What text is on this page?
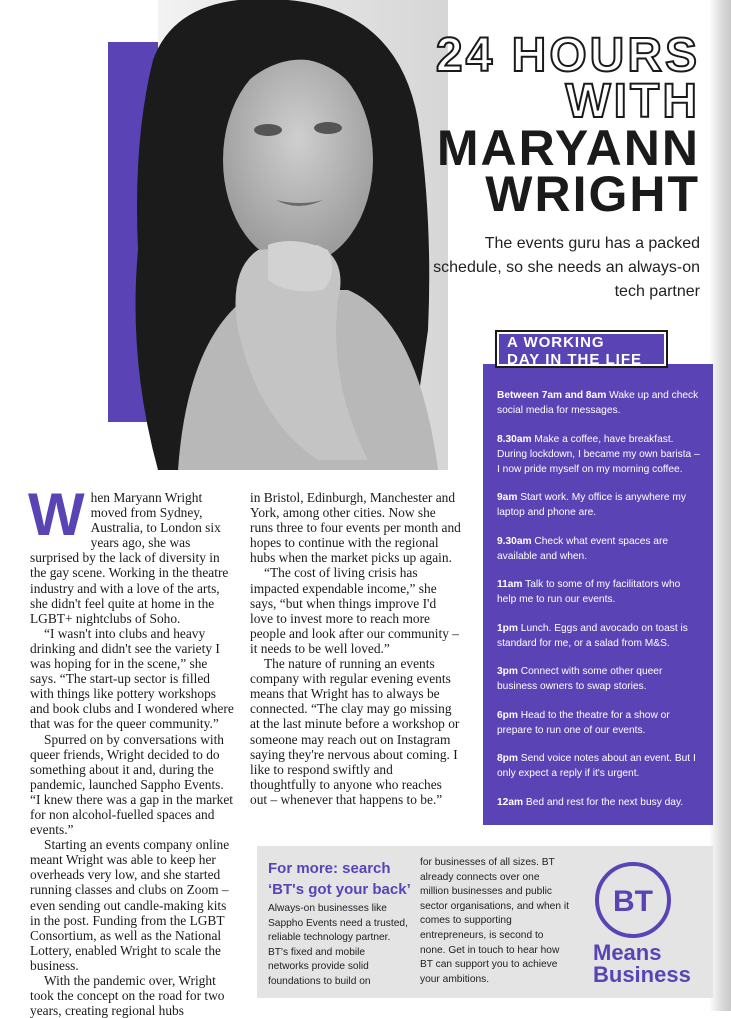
24 HOURS
WITH
MARYANN
WRIGHT
The events guru has a packed schedule, so she needs an always-on tech partner
Between 7am and 8am Wake up and check social media for messages.
8.30am Make a coffee, have breakfast. During lockdown, I became my own barista – I now pride myself on my morning coffee.
9am Start work. My office is anywhere my laptop and phone are.
9.30am Check what event spaces are available and when.
11am Talk to some of my facilitators who help me to run our events.
1pm Lunch. Eggs and avocado on toast is standard for me, or a salad from M&S.
3pm Connect with some other queer business owners to swap stories.
6pm Head to the theatre for a show or prepare to run one of our events.
8pm Send voice notes about an event. But I only expect a reply if it's urgent.
12am Bed and rest for the next busy day.
A WORKING
DAY IN THE LIFE
W hen Maryann Wright moved from Sydney, Australia, to London six years ago, she was surprised by the lack of diversity in the gay scene. Working in the theatre industry and with a love of the arts, she didn't feel quite at home in the LGBT+ nightclubs of Soho.

“I wasn't into clubs and heavy drinking and didn't see the variety I was hoping for in the scene,” she says. “The start-up sector is filled with things like pottery workshops and book clubs and I wondered where that was for the queer community.”

Spurred on by conversations with queer friends, Wright decided to do something about it and, during the pandemic, launched Sappho Events. “I knew there was a gap in the market for non alcohol-fuelled spaces and events.”

Starting an events company online meant Wright was able to keep her overheads very low, and she started running classes and clubs on Zoom – even sending out candle-making kits in the post. Funding from the LGBT Consortium, as well as the National Lottery, enabled Wright to scale the business.

With the pandemic over, Wright took the concept on the road for two years, creating regional hubs

in Bristol, Edinburgh, Manchester and York, among other cities. Now she runs three to four events per month and hopes to continue with the regional hubs when the market picks up again.

“The cost of living crisis has impacted expendable income,” she says, “but when things improve I'd love to invest more to reach more people and look after our community – it needs to be well loved.”

The nature of running an events company with regular evening events means that Wright has to always be connected. “The clay may go missing at the last minute before a workshop or someone may reach out on Instagram saying they're nervous about coming. I like to respond swiftly and thoughtfully to anyone who reaches out – whenever that happens to be.”

For more: search ‘BT's got your back’
Always-on businesses like Sappho Events need a trusted, reliable technology partner. BT's fixed and mobile networks provide solid foundations to build on
for businesses of all sizes. BT already connects over one million businesses and public sector organisations, and when it comes to supporting entrepreneurs, is second to none. Get in touch to hear how BT can support you to achieve your ambitions.
BT
Means
Business
